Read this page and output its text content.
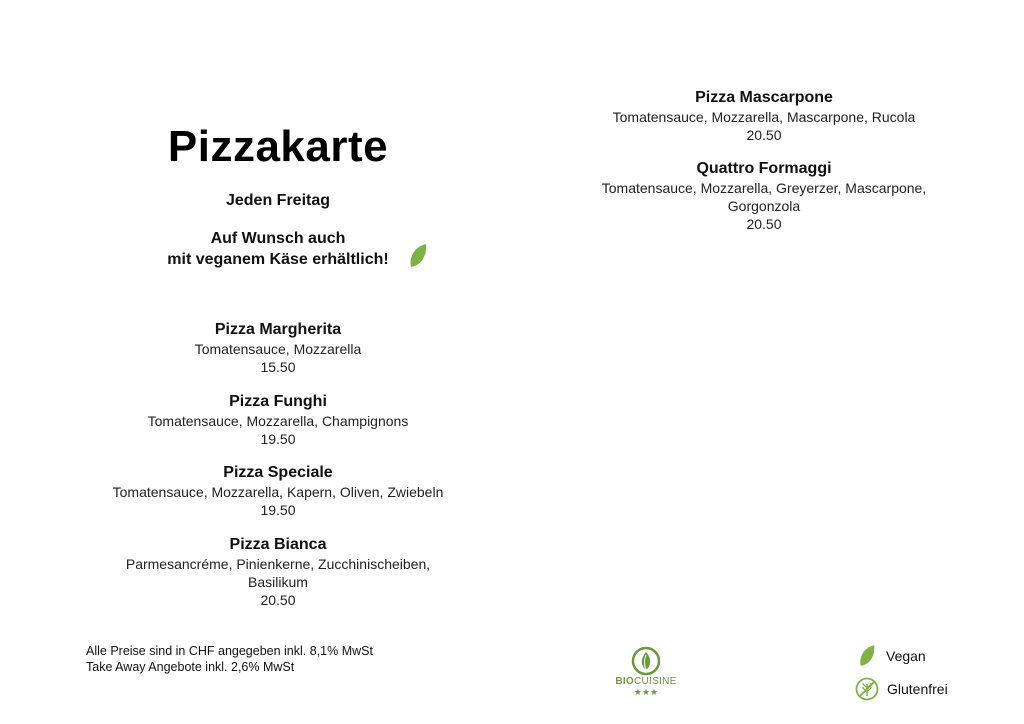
Pizzakarte
Jeden Freitag
Auf Wunsch auch
mit veganem Käse erhältlich!
Pizza Margherita
Tomatensauce, Mozzarella
15.50
Pizza Funghi
Tomatensauce, Mozzarella, Champignons
19.50
Pizza Speciale
Tomatensauce, Mozzarella, Kapern, Oliven, Zwiebeln
19.50
Pizza Bianca
Parmesancréme, Pinienkerne, Zucchinischeiben,
Basilikum
20.50
Pizza Mascarpone
Tomatensauce, Mozzarella, Mascarpone, Rucola
20.50
Quattro Formaggi
Tomatensauce, Mozzarella, Greyerzer, Mascarpone,
Gorgonzola
20.50
Alle Preise sind in CHF angegeben inkl. 8,1% MwSt
Take Away Angebote inkl. 2,6% MwSt
BIOCUISINE
★★★

Vegan
Glutenfrei
